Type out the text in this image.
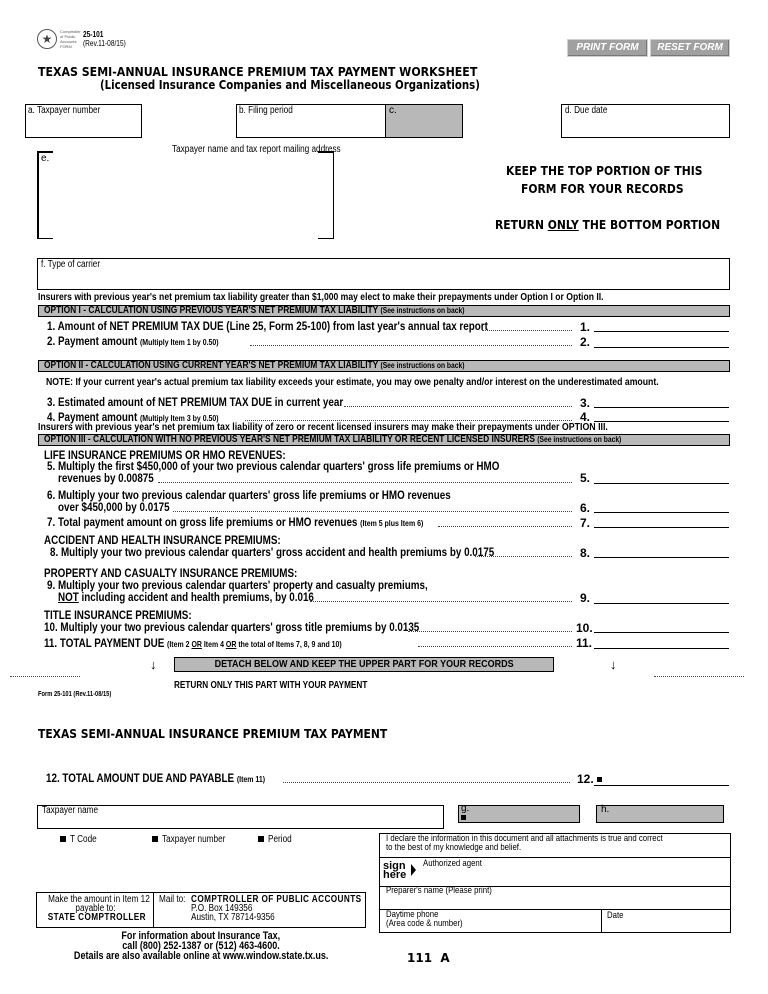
★
Comptroller of Public Accounts FORM
25-101
(Rev.11-08/15)	PRINT FORM	RESET FORM
TEXAS SEMI-ANNUAL INSURANCE PREMIUM TAX PAYMENT WORKSHEET
(Licensed Insurance Companies and Miscellaneous Organizations)
a. Taxpayer number	b. Filing period	c.	d. Due date
e.
Taxpayer name and tax report mailing address
KEEP THE TOP PORTION OF THIS
FORM FOR YOUR RECORDS
RETURN ONLY THE BOTTOM PORTION
f. Type of carrier
Insurers with previous year's net premium tax liability greater than $1,000 may elect to make their prepayments under Option I or Option II.
OPTION I - CALCULATION USING PREVIOUS YEAR'S NET PREMIUM TAX LIABILITY (See instructions on back)
1. Amount of NET PREMIUM TAX DUE (Line 25, Form 25-100) from last year's annual tax report	1.
2. Payment amount (Multiply Item 1 by 0.50)	2.
OPTION II - CALCULATION USING CURRENT YEAR'S NET PREMIUM TAX LIABILITY (See instructions on back)
NOTE: If your current year's actual premium tax liability exceeds your estimate, you may owe penalty and/or interest on the underestimated amount.
3. Estimated amount of NET PREMIUM TAX DUE in current year	3.
4. Payment amount (Multiply Item 3 by 0.50)	4.
Insurers with previous year's net premium tax liability of zero or recent licensed insurers may make their prepayments under OPTION III.
OPTION III - CALCULATION WITH NO PREVIOUS YEAR'S NET PREMIUM TAX LIABILITY OR RECENT LICENSED INSURERS (See instructions on back)
LIFE INSURANCE PREMIUMS OR HMO REVENUES:
5. Multiply the first $450,000 of your two previous calendar quarters' gross life premiums or HMO
revenues by 0.00875	5.
6. Multiply your two previous calendar quarters' gross life premiums or HMO revenues
over $450,000 by 0.0175	6.
7. Total payment amount on gross life premiums or HMO revenues (Item 5 plus Item 6)	7.
ACCIDENT AND HEALTH INSURANCE PREMIUMS:
8. Multiply your two previous calendar quarters' gross accident and health premiums by 0.0175	8.
PROPERTY AND CASUALTY INSURANCE PREMIUMS:
9. Multiply your two previous calendar quarters' property and casualty premiums,
NOT including accident and health premiums, by 0.016	9.
TITLE INSURANCE PREMIUMS:
10. Multiply your two previous calendar quarters' gross title premiums by 0.0135	10.
11. TOTAL PAYMENT DUE (Item 2 OR Item 4 OR the total of Items 7, 8, 9 and 10)	11.
↓	DETACH BELOW AND KEEP THE UPPER PART FOR YOUR RECORDS	↓
RETURN ONLY THIS PART WITH YOUR PAYMENT
Form 25-101 (Rev.11-08/15)
TEXAS SEMI-ANNUAL INSURANCE PREMIUM TAX PAYMENT
12. TOTAL AMOUNT DUE AND PAYABLE (Item 11)	12.
Taxpayer name	g.	h.
T Code	Taxpayer number	Period	I declare the information in this document and all attachments is true and correct
to the best of my knowledge and belief.
sign
here
Authorized agent
Preparer's name (Please print)
Daytime phone
(Area code & number)
Date
Make the amount in Item 12
payable to:
STATE COMPTROLLER
Mail to: COMPTROLLER OF PUBLIC ACCOUNTS
P.O. Box 149356
Austin, TX 78714-9356
For information about Insurance Tax,
call (800) 252-1387 or (512) 463-4600.
Details are also available online at www.window.state.tx.us.	111  A
